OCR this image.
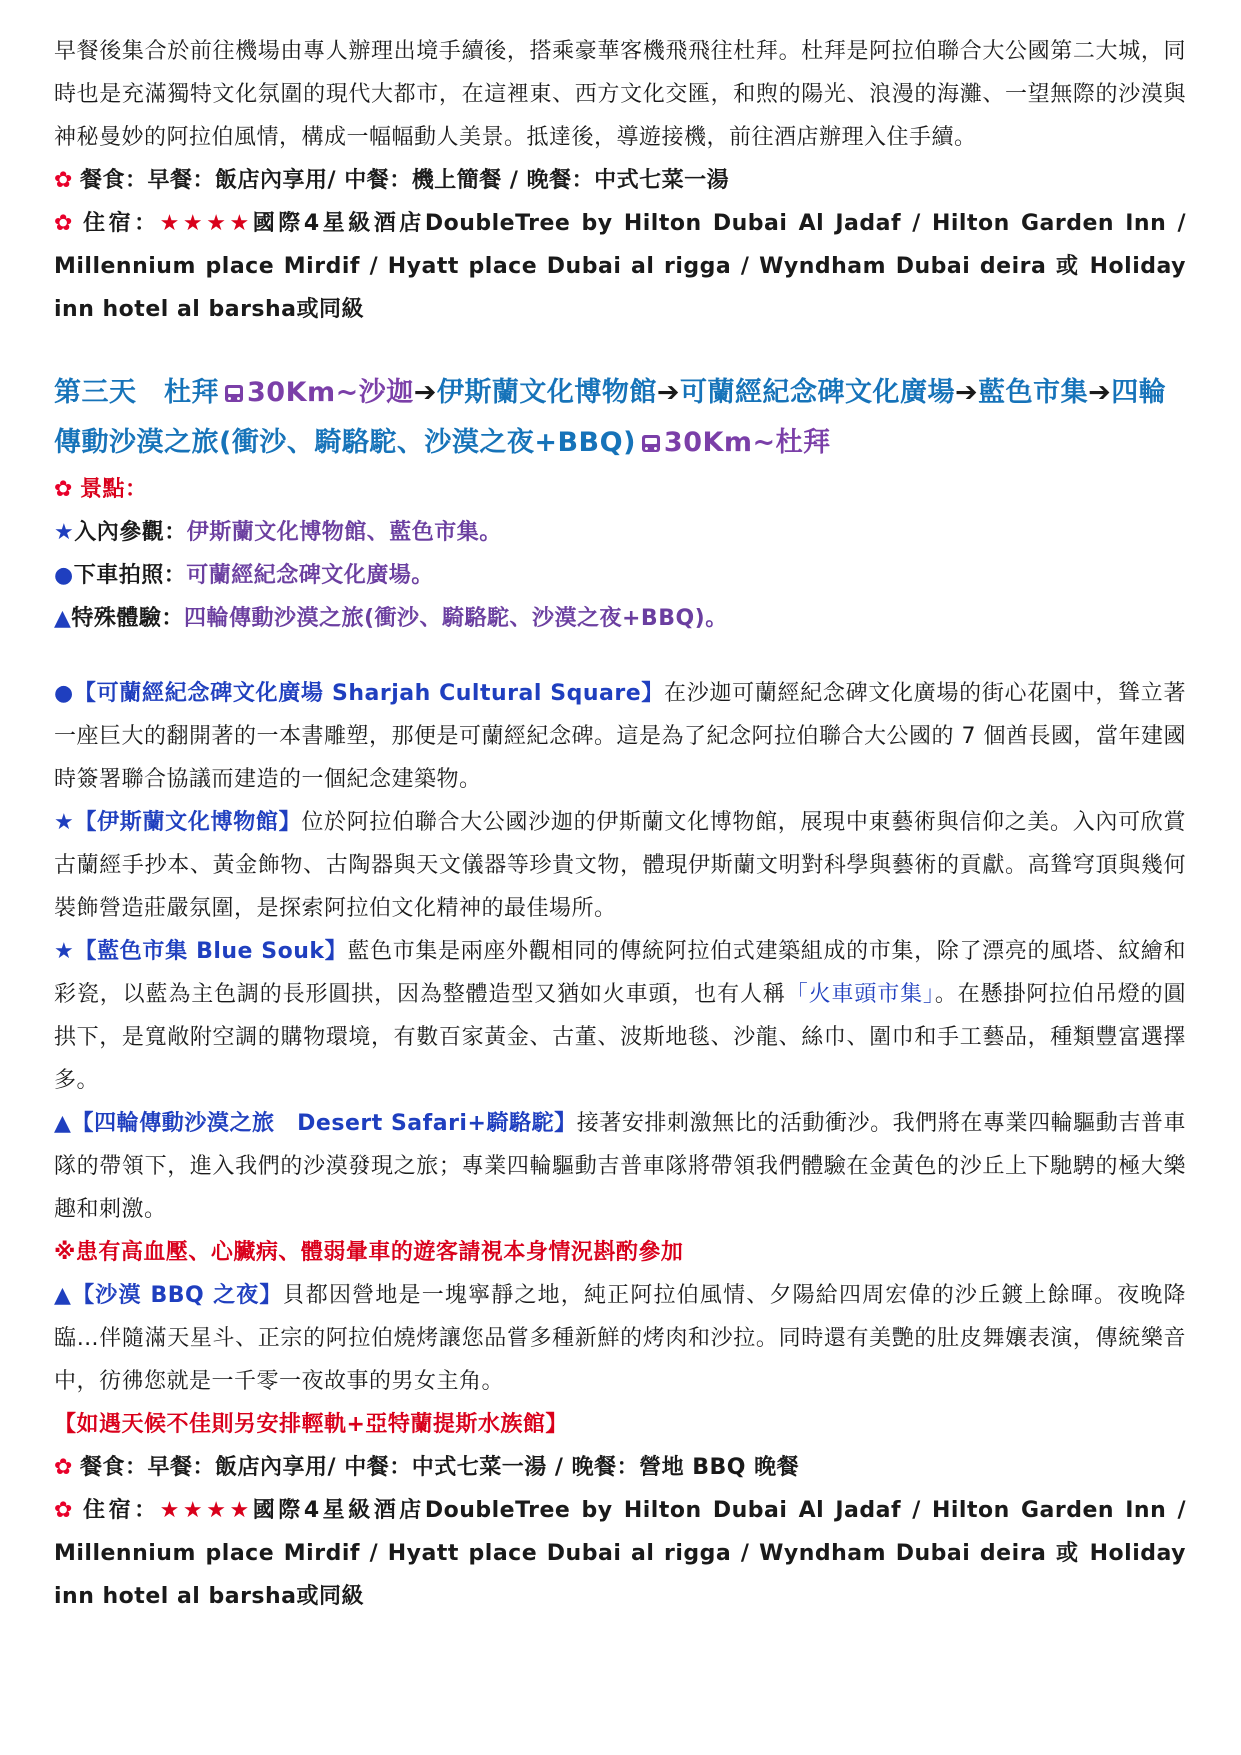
早餐後集合於前往機場由專人辦理出境手續後，搭乘豪華客機飛飛往杜拜。杜拜是阿拉伯聯合大公國第二大城，同時也是充滿獨特文化氛圍的現代大都市，在這裡東、西方文化交匯，和煦的陽光、浪漫的海灘、一望無際的沙漠與神秘曼妙的阿拉伯風情，構成一幅幅動人美景。抵達後，導遊接機，前往酒店辦理入住手續。

✿ 餐食：早餐：飯店內享用/ 中餐：機上簡餐 / 晚餐：中式七菜一湯

✿ 住宿：★★★★國際4星級酒店DoubleTree by Hilton Dubai Al Jadaf / Hilton Garden Inn / Millennium place Mirdif / Hyatt place Dubai al rigga / Wyndham Dubai deira 或 Holiday inn hotel al barsha或同級

第三天　杜拜 30Km~沙迦➔伊斯蘭文化博物館➔可蘭經紀念碑文化廣場➔藍色市集➔四輪傳動沙漠之旅(衝沙、騎駱駝、沙漠之夜+BBQ) 30Km~杜拜

✿ 景點：

★入內參觀：伊斯蘭文化博物館、藍色市集。

●下車拍照：可蘭經紀念碑文化廣場。

▲特殊體驗：四輪傳動沙漠之旅(衝沙、騎駱駝、沙漠之夜+BBQ)。

●【可蘭經紀念碑文化廣場 Sharjah Cultural Square】在沙迦可蘭經紀念碑文化廣場的街心花園中，聳立著一座巨大的翻開著的一本書雕塑，那便是可蘭經紀念碑。這是為了紀念阿拉伯聯合大公國的 7 個酋長國，當年建國時簽署聯合協議而建造的一個紀念建築物。

★【伊斯蘭文化博物館】位於阿拉伯聯合大公國沙迦的伊斯蘭文化博物館，展現中東藝術與信仰之美。入內可欣賞古蘭經手抄本、黃金飾物、古陶器與天文儀器等珍貴文物，體現伊斯蘭文明對科學與藝術的貢獻。高聳穹頂與幾何裝飾營造莊嚴氛圍，是探索阿拉伯文化精神的最佳場所。

★【藍色市集 Blue Souk】藍色市集是兩座外觀相同的傳統阿拉伯式建築組成的市集，除了漂亮的風塔、紋繪和彩瓷，以藍為主色調的長形圓拱，因為整體造型又猶如火車頭，也有人稱「火車頭市集」。在懸掛阿拉伯吊燈的圓拱下，是寬敞附空調的購物環境，有數百家黃金、古董、波斯地毯、沙龍、絲巾、圍巾和手工藝品，種類豐富選擇多。

▲【四輪傳動沙漠之旅　Desert Safari+騎駱駝】接著安排刺激無比的活動衝沙。我們將在專業四輪驅動吉普車隊的帶領下，進入我們的沙漠發現之旅；專業四輪驅動吉普車隊將帶領我們體驗在金黃色的沙丘上下馳騁的極大樂趣和刺激。

※患有高血壓、心臟病、體弱暈車的遊客請視本身情況斟酌參加

▲【沙漠 BBQ 之夜】貝都因營地是一塊寧靜之地，純正阿拉伯風情、夕陽給四周宏偉的沙丘鍍上餘暉。夜晚降臨…伴隨滿天星斗、正宗的阿拉伯燒烤讓您品嘗多種新鮮的烤肉和沙拉。同時還有美艷的肚皮舞孃表演，傳統樂音中，彷彿您就是一千零一夜故事的男女主角。

【如遇天候不佳則另安排輕軌+亞特蘭提斯水族館】

✿ 餐食：早餐：飯店內享用/ 中餐：中式七菜一湯 / 晚餐：營地 BBQ 晚餐

✿ 住宿：★★★★國際4星級酒店DoubleTree by Hilton Dubai Al Jadaf / Hilton Garden Inn / Millennium place Mirdif / Hyatt place Dubai al rigga / Wyndham Dubai deira 或 Holiday inn hotel al barsha或同級
